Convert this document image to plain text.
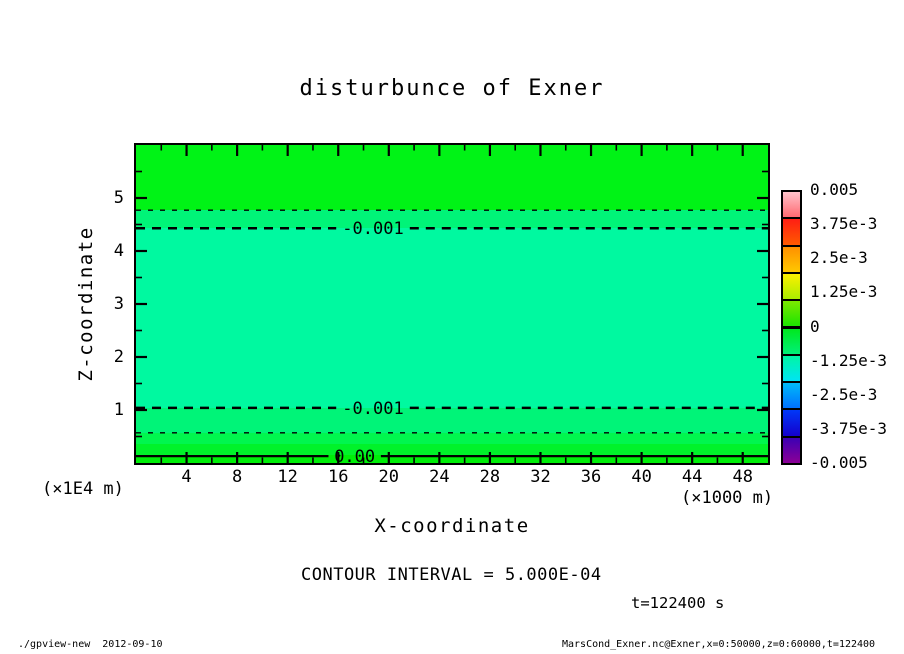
disturbunce of Exner
-0.001
-0.001
0.00
Z-coordinate
(×1E4 m)
X-coordinate
(×1000 m)
4	8	12	16	20	24	28	32	36	40	44	48
1
2
3
4
5	0.005
3.75e-3
2.5e-3
1.25e-3
0
-1.25e-3
-2.5e-3
-3.75e-3
-0.005
CONTOUR INTERVAL = 5.000E-04
t=122400 s
./gpview-new  2012-09-10	MarsCond_Exner.nc@Exner,x=0:50000,z=0:60000,t=122400
